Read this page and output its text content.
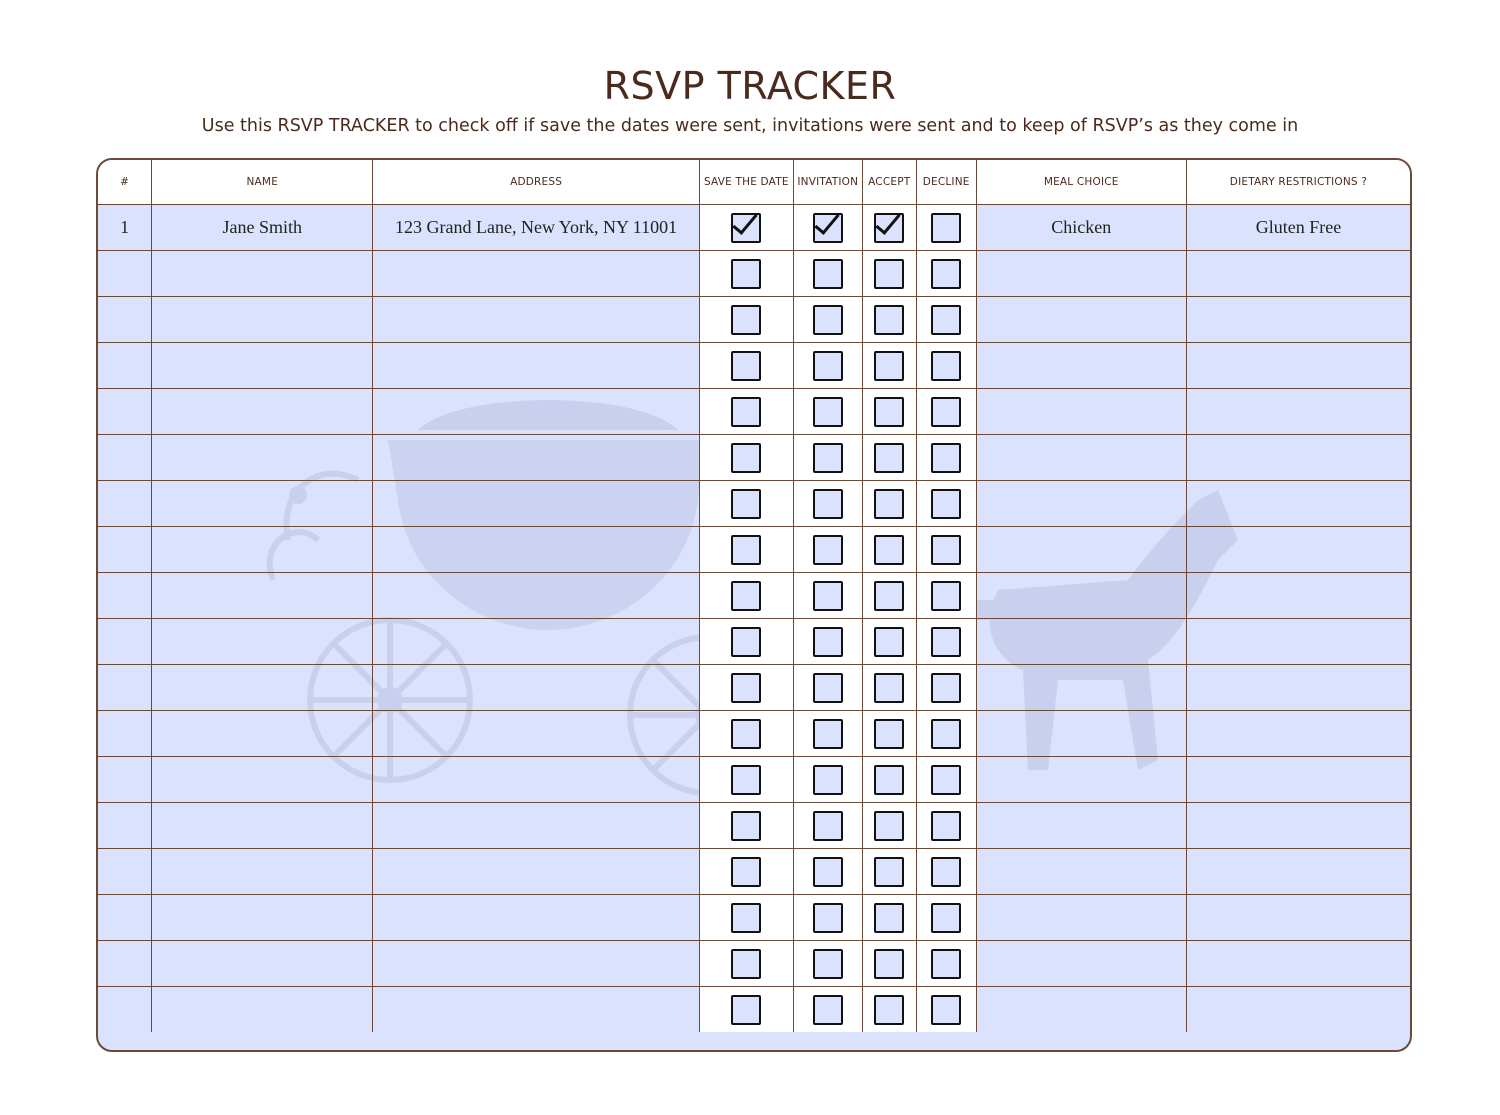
RSVP TRACKER
Use this RSVP TRACKER to check off if save the dates were sent, invitations were sent and to keep of RSVP’s as they come in
#	NAME	ADDRESS	SAVE THE DATE	INVITATION	ACCEPT	DECLINE	MEAL CHOICE	DIETARY RESTRICTIONS ?
1	Jane Smith	123 Grand Lane, New York, NY 11001					Chicken	Gluten Free
